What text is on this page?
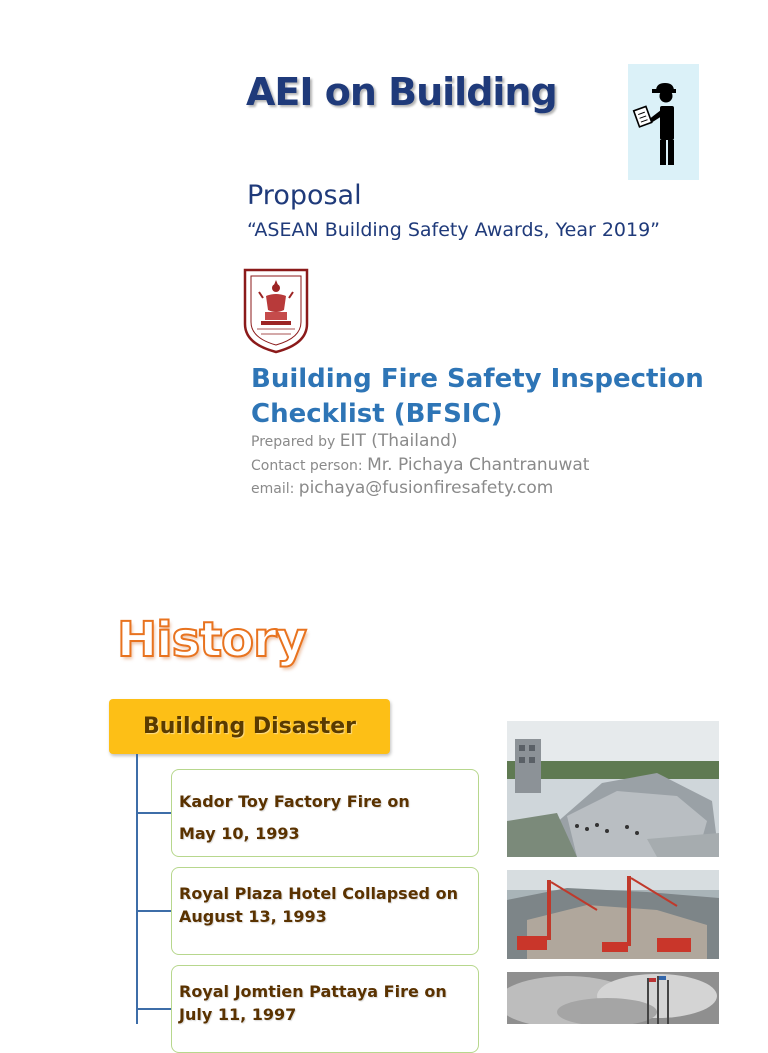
AEI on Building
Proposal
“ASEAN Building Safety Awards, Year 2019”
Building Fire Safety Inspection
Checklist (BFSIC)
Prepared by EIT (Thailand)
Contact person: Mr. Pichaya Chantranuwat
email: pichaya@fusionfiresafety.com
History
Building Disaster
Kador Toy Factory Fire on
May 10, 1993
Royal Plaza Hotel Collapsed on
August 13, 1993
Royal Jomtien Pattaya Fire on
July 11, 1997
